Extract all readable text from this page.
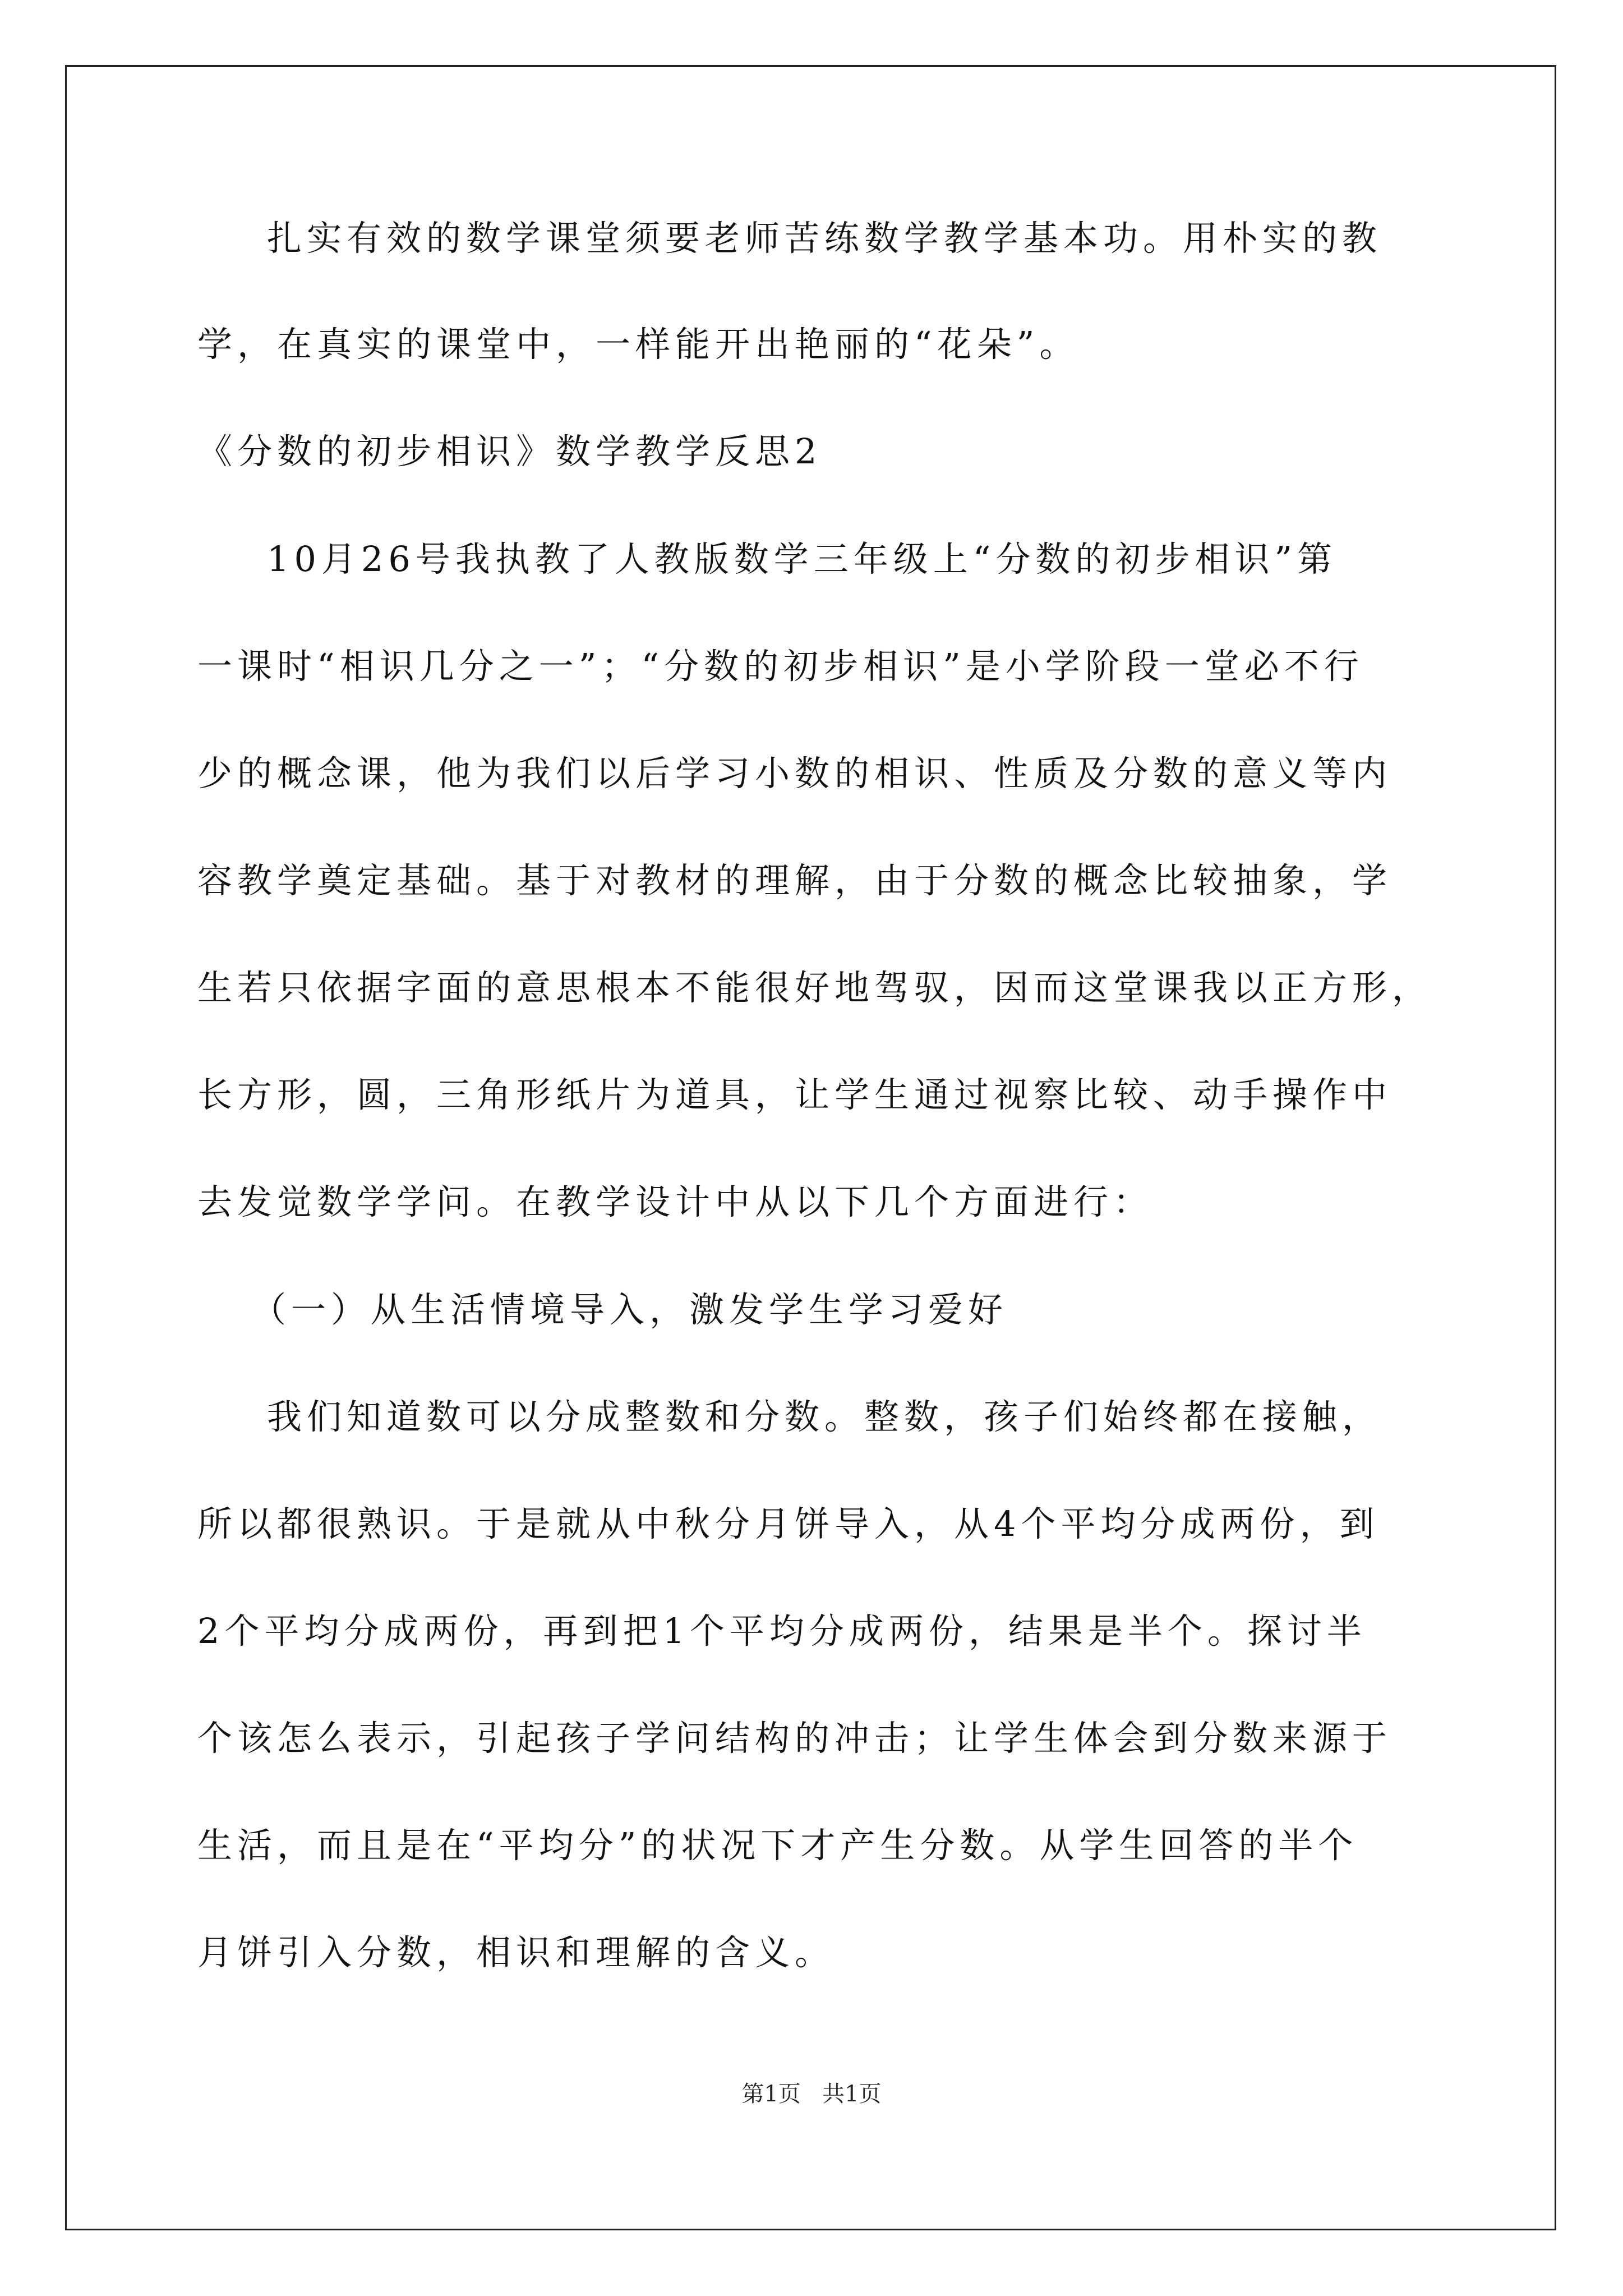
扎实有效的数学课堂须要老师苦练数学教学基本功。用朴实的教
学，在真实的课堂中，一样能开出艳丽的“花朵”。
《分数的初步相识》数学教学反思2
10月26号我执教了人教版数学三年级上“分数的初步相识”第
一课时“相识几分之一”；“分数的初步相识”是小学阶段一堂必不行
少的概念课，他为我们以后学习小数的相识、性质及分数的意义等内
容教学奠定基础。基于对教材的理解，由于分数的概念比较抽象，学
生若只依据字面的意思根本不能很好地驾驭，因而这堂课我以正方形，
长方形，圆，三角形纸片为道具，让学生通过视察比较、动手操作中
去发觉数学学问。在教学设计中从以下几个方面进行：
（一）从生活情境导入，激发学生学习爱好
我们知道数可以分成整数和分数。整数，孩子们始终都在接触，
所以都很熟识。于是就从中秋分月饼导入，从4个平均分成两份，到
2个平均分成两份，再到把1个平均分成两份，结果是半个。探讨半
个该怎么表示，引起孩子学问结构的冲击；让学生体会到分数来源于
生活，而且是在“平均分”的状况下才产生分数。从学生回答的半个
月饼引入分数，相识和理解的含义。
第1页   共1页
